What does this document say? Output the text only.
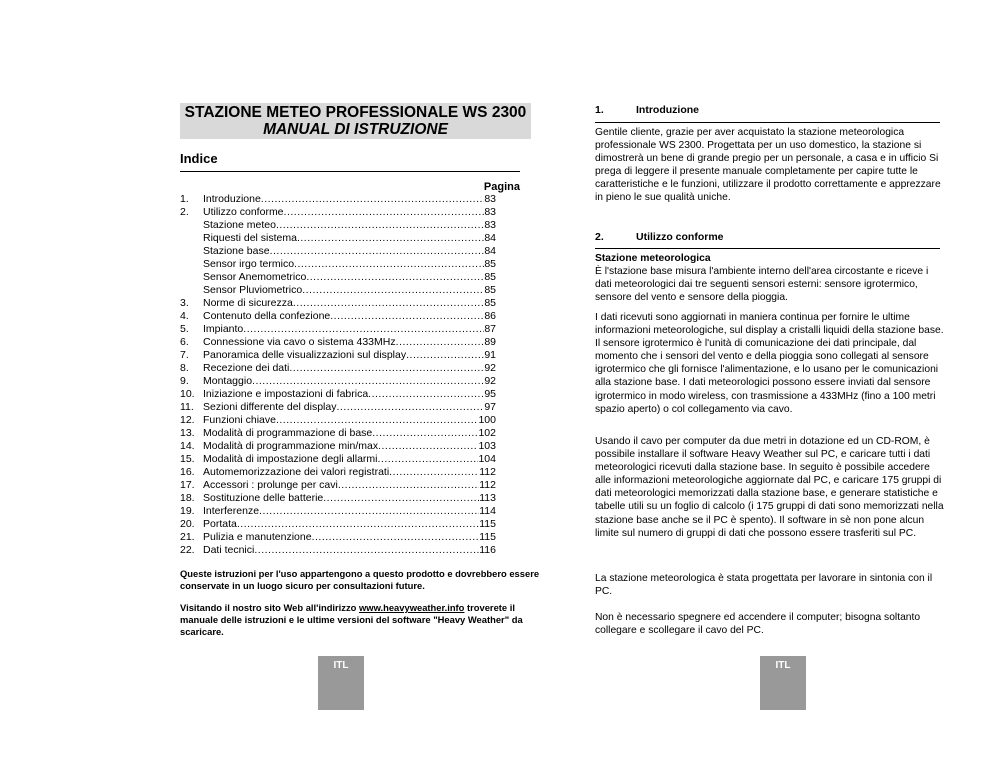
STAZIONE METEO PROFESSIONALE WS 2300
MANUAL DI ISTRUZIONE
Indice
Pagina
1.	Introduzione .....	83
2.	Utilizzo conforme .....	83
Stazione meteo .....	83
Riquesti del sistema .....	84
Stazione base .....	84
Sensor irgo termico .....	85
Sensor Anemometrico .....	85
Sensor Pluviometrico .....	85
3.	Norme di sicurezza .....	85
4.	Contenuto della confezione .....	86
5.	Impianto .....	87
6.	Connessione via cavo o sistema 433MHz .....	89
7.	Panoramica delle visualizzazioni sul display .....	91
8.	Recezione dei dati .....	92
9.	Montaggio .....	92
10. Iniziazione e impostazioni di fabrica .....	95
11. Sezioni differente del display .....	97
12. Funzioni chiave .....	100
13. Modalità di programmazione di base .....	102
14. Modalità di programmazione min/max .....	103
15. Modalità di impostazione degli allarmi .....	104
16. Automemorizzazione dei valori registrati .....	112
17. Accessori : prolunge per cavi .....	112
18. Sostituzione delle batterie .....	113
19. Interferenze .....	114
20. Portata .....	115
21. Pulizia e manutenzione .....	115
22. Dati tecnici .....	116
Queste istruzioni per l'uso appartengono a questo prodotto e dovrebbero essere conservate in un luogo sicuro per consultazioni future.
Visitando il nostro sito Web all'indirizzo www.heavyweather.info troverete il manuale delle istruzioni e le ultime versioni del software "Heavy Weather" da scaricare.
ITL
1.	Introduzione
Gentile cliente, grazie per aver acquistato la stazione meteorologica professionale WS 2300. Progettata per un uso domestico, la stazione si dimostrerà un bene di grande pregio per un personale, a casa e in ufficio Si prega di leggere il presente manuale completamente per capire tutte le caratteristiche e le funzioni, utilizzare il prodotto correttamente e apprezzare in pieno le sue qualità uniche.
2.	Utilizzo conforme
Stazione meteorologica
È l'stazione base misura l'ambiente interno dell'area circostante e riceve i dati meteorologici dai tre seguenti sensori esterni: sensore igrotermico, sensore del vento e sensore della pioggia.
I dati ricevuti sono aggiornati in maniera continua per fornire le ultime informazioni meteorologiche, sul display a cristalli liquidi della stazione base. Il sensore igrotermico è l'unità di comunicazione dei dati principale, dal momento che i sensori del vento e della pioggia sono collegati al sensore igrotermico che gli fornisce l'alimentazione, e lo usano per le comunicazioni alla stazione base. I dati meteorologici possono essere inviati dal sensore igrotermico in modo wireless, con trasmissione a 433MHz (fino a 100 metri spazio aperto) o col collegamento via cavo.
Usando il cavo per computer da due metri in dotazione ed un CD-ROM, è possibile installare il software Heavy Weather sul PC, e caricare tutti i dati meteorologici ricevuti dalla stazione base. In seguito è possibile accedere alle informazioni meteorologiche aggiornate dal PC, e caricare 175 gruppi di dati meteorologici memorizzati dalla stazione base, e generare statistiche e tabelle utili su un foglio di calcolo (i 175 gruppi di dati sono memorizzati nella stazione base anche se il PC è spento). Il software in sè non pone alcun limite sul numero di gruppi di dati che possono essere trasferiti sul PC.
La stazione meteorologica è stata progettata per lavorare in sintonia con il PC.
Non è necessario spegnere ed accendere il computer; bisogna soltanto collegare e scollegare il cavo del PC.
ITL
